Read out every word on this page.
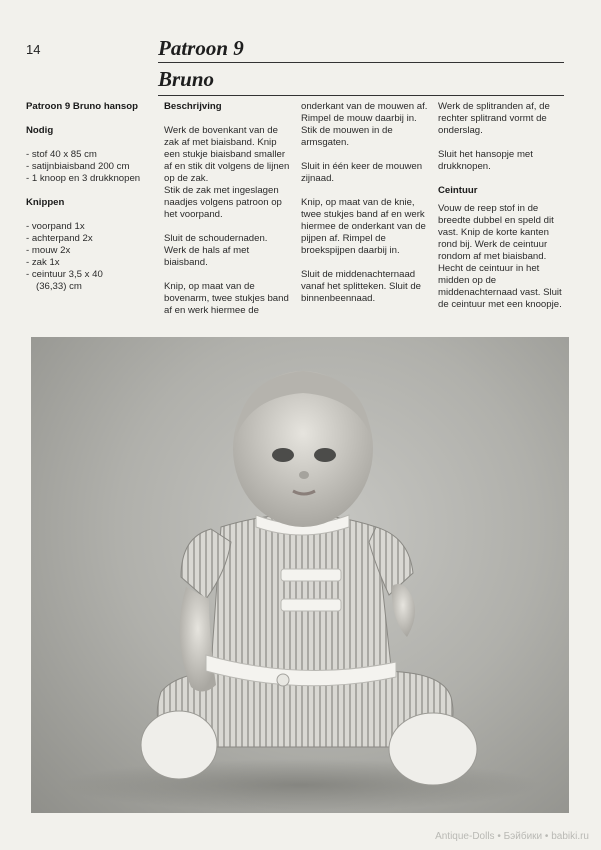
14	Patroon 9
Bruno
Patroon 9 Bruno hansop
Nodig
- stof 40 x 85 cm
- satijnbiaisband 200 cm
- 1 knoop en 3 drukknopen
Knippen
- voorpand 1x
- achterpand 2x
- mouw 2x
- zak 1x
- ceintuur 3,5 x 40
(36,33) cm
Beschrijving

Werk de bovenkant van de zak af met biaisband. Knip een stukje biaisband smaller af en stik dit volgens de lijnen op de zak.

Stik de zak met ingeslagen naadjes volgens patroon op het voorpand.

Sluit de schoudernaden. Werk de hals af met biaisband.

Knip, op maat van de bovenarm, twee stukjes band af en werk hiermee de

onderkant van de mouwen af.

Rimpel de mouw daarbij in.

Stik de mouwen in de armsgaten.

Sluit in één keer de mouwen zijnaad.

Knip, op maat van de knie, twee stukjes band af en werk hiermee de onderkant van de pijpen af. Rimpel de broekspijpen daarbij in.

Sluit de middenachternaad vanaf het splitteken. Sluit de binnenbeennaad.

Werk de splitranden af, de rechter splitrand vormt de onderslag.

Sluit het hansopje met drukknopen.

Ceintuur

Vouw de reep stof in de breedte dubbel en speld dit vast. Knip de korte kanten rond bij. Werk de ceintuur rondom af met biaisband. Hecht de ceintuur in het midden op de middenachternaad vast. Sluit de ceintuur met een knoopje.

Antique-Dolls • Бэйбики • babiki.ru
